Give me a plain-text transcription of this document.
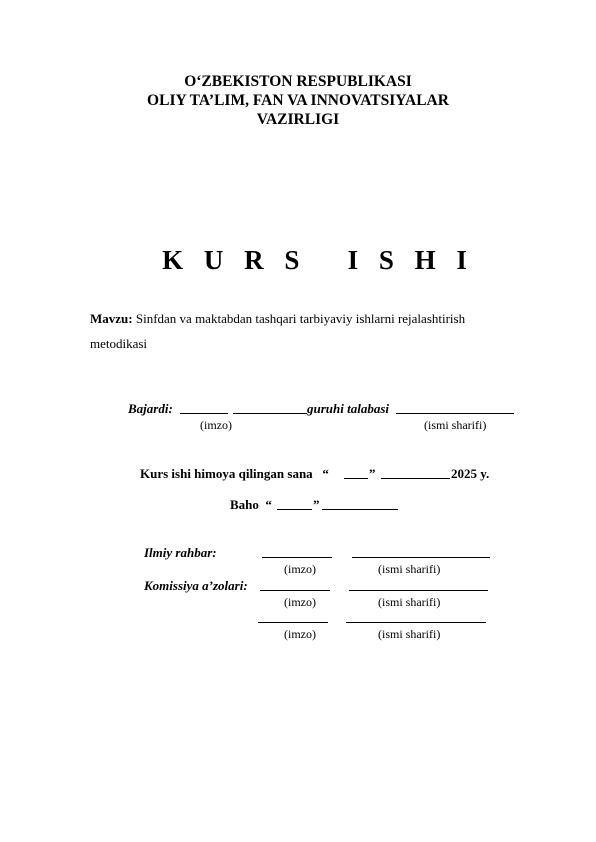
O‘ZBEKISTON RESPUBLIKASI
OLIY TA’LIM, FAN VA INNOVATSIYALAR
VAZIRLIGI
K U R S   I S H I
Mavzu: Sinfdan va maktabdan tashqari tarbiyaviy ishlarni rejalashtirish metodikasi
Bajardi:	guruhi talabasi
(imzo)	(ismi sharifi)
Kurs ishi himoya qilingan sana   “	”	2025 y.
Baho  “	”
Ilmiy rahbar:
(imzo)	(ismi sharifi)
Komissiya a’zolari:
(imzo)	(ismi sharifi)
(imzo)	(ismi sharifi)
